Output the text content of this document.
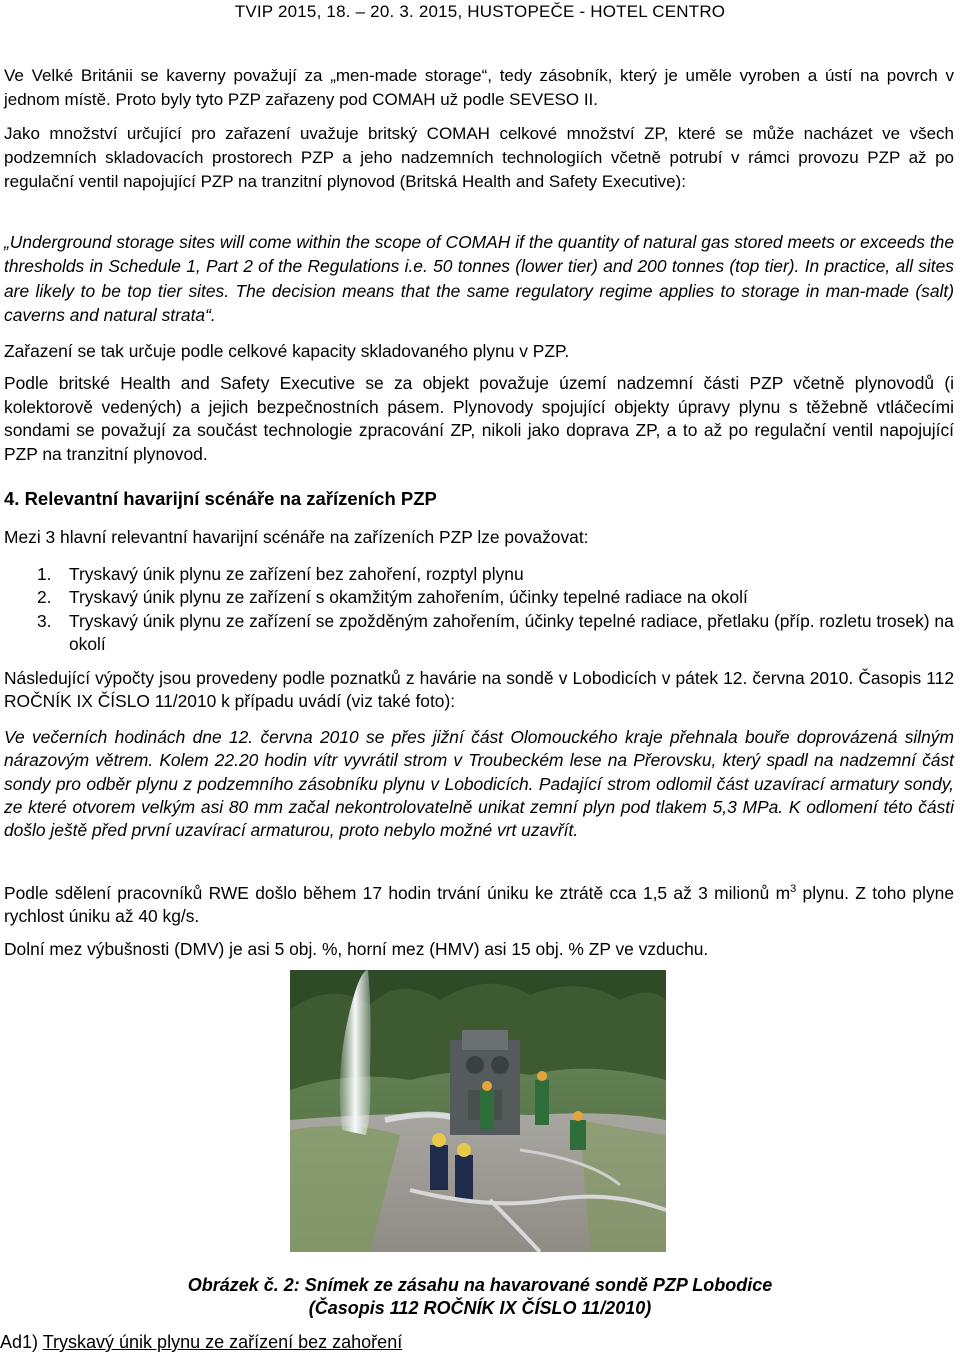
TVIP 2015, 18. – 20. 3. 2015, HUSTOPEČE - HOTEL CENTRO

Ve Velké Británii se kaverny považují za „men-made storage“, tedy zásobník, který je uměle vyroben a ústí na povrch v jednom místě. Proto byly tyto PZP zařazeny pod COMAH už podle SEVESO II.

Jako množství určující pro zařazení uvažuje britský COMAH celkové množství ZP, které se může nacházet ve všech podzemních skladovacích prostorech PZP a jeho nadzemních technologiích včetně potrubí v rámci provozu PZP až po regulační ventil napojující PZP na tranzitní plynovod (Britská Health and Safety Executive):

„Underground storage sites will come within the scope of COMAH if the quantity of natural gas stored meets or exceeds the thresholds in Schedule 1, Part 2 of the Regulations i.e. 50 tonnes (lower tier) and 200 tonnes (top tier). In practice, all sites are likely to be top tier sites. The decision means that the same regulatory regime applies to storage in man-made (salt) caverns and natural strata“.

Zařazení se tak určuje podle celkové kapacity skladovaného plynu v PZP.

Podle britské Health and Safety Executive se za objekt považuje území nadzemní části PZP včetně plynovodů (i kolektorově vedených) a jejich bezpečnostních pásem. Plynovody spojující objekty úpravy plynu s těžebně vtláčecími sondami se považují za součást technologie zpracování ZP, nikoli jako doprava ZP, a to až po regulační ventil napojující PZP na tranzitní plynovod.

4. Relevantní havarijní scénáře na zařízeních PZP

Mezi 3 hlavní relevantní havarijní scénáře na zařízeních PZP lze považovat:

1.	Tryskavý únik plynu ze zařízení bez zahoření, rozptyl plynu
2.	Tryskavý únik plynu ze zařízení s okamžitým zahořením, účinky tepelné radiace na okolí
3.	Tryskavý únik plynu ze zařízení se zpožděným zahořením, účinky tepelné radiace, přetlaku (příp. rozletu trosek) na okolí

Následující výpočty jsou provedeny podle poznatků z havárie na sondě v Lobodicích v pátek 12. června 2010. Časopis 112 ROČNÍK IX ČÍSLO 11/2010 k případu uvádí (viz také foto):

Ve večerních hodinách dne 12. června 2010 se přes jižní část Olomouckého kraje přehnala bouře doprovázená silným nárazovým větrem. Kolem 22.20 hodin vítr vyvrátil strom v Troubeckém lese na Přerovsku, který spadl na nadzemní část sondy pro odběr plynu z podzemního zásobníku plynu v Lobodicích. Padající strom odlomil část uzavírací armatury sondy, ze které otvorem velkým asi 80 mm začal nekontrolovatelně unikat zemní plyn pod tlakem 5,3 MPa. K odlomení této části došlo ještě před první uzavírací armaturou, proto nebylo možné vrt uzavřít.

Podle sdělení pracovníků RWE došlo během 17 hodin trvání úniku ke ztrátě cca 1,5 až 3 milionů $m^3$ plynu. Z toho plyne rychlost úniku až 40 kg/s.

Dolní mez výbušnosti (DMV) je asi 5 obj. %, horní mez (HMV) asi 15 obj. % ZP ve vzduchu.

Obrázek č. 2: Snímek ze zásahu na havarované sondě PZP Lobodice
(Časopis 112 ROČNÍK IX ČÍSLO 11/2010)
Ad1) Tryskavý únik plynu ze zařízení bez zahoření
